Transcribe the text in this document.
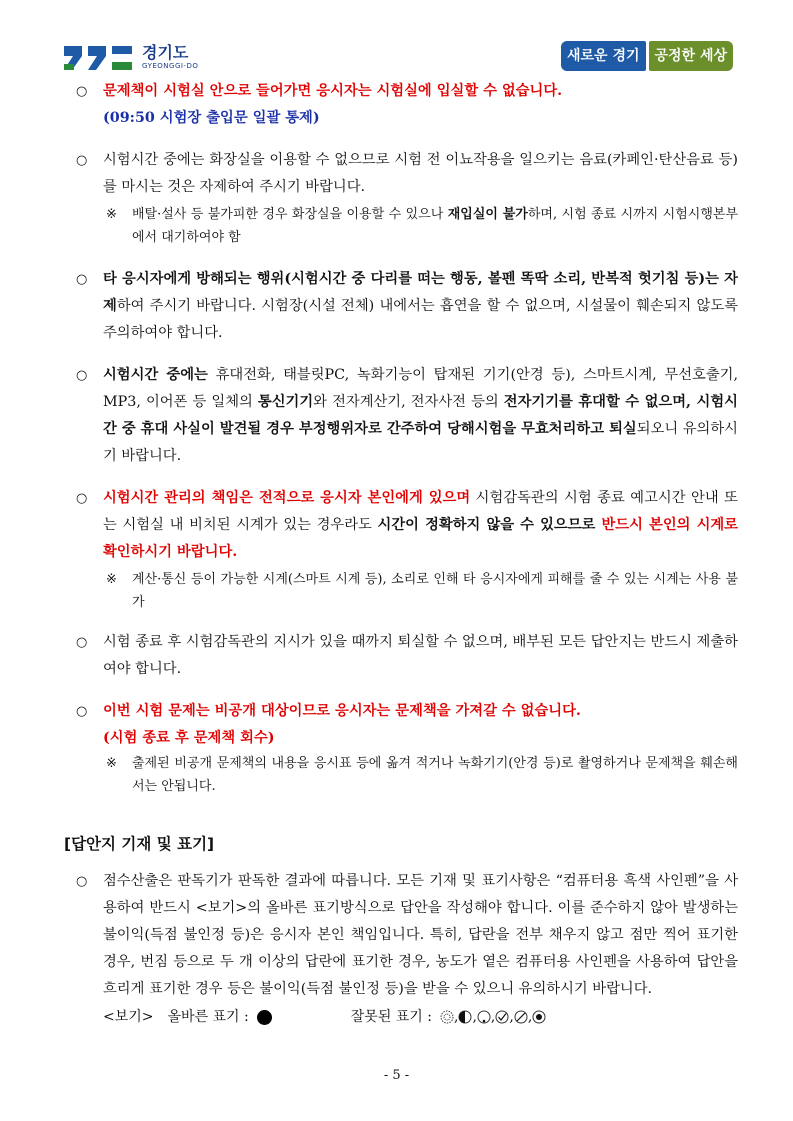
경기도
GYEONGGI-DO
새로운 경기	공정한 세상
○ 문제책이 시험실 안으로 들어가면 응시자는 시험실에 입실할 수 없습니다.
(09:50 시험장 출입문 일괄 통제)
○ 시험시간 중에는 화장실을 이용할 수 없으므로 시험 전 이뇨작용을 일으키는 음료(카페인·탄산음료 등)를 마시는 것은 자제하여 주시기 바랍니다.
※ 배탈·설사 등 불가피한 경우 화장실을 이용할 수 있으나 재입실이 불가하며, 시험 종료 시까지 시험시행본부에서 대기하여야 함
○ 타 응시자에게 방해되는 행위(시험시간 중 다리를 떠는 행동, 볼펜 똑딱 소리, 반복적 헛기침 등)는 자제하여 주시기 바랍니다. 시험장(시설 전체) 내에서는 흡연을 할 수 없으며, 시설물이 훼손되지 않도록 주의하여야 합니다.
○ 시험시간 중에는 휴대전화, 태블릿PC, 녹화기능이 탑재된 기기(안경 등), 스마트시계, 무선호출기, MP3, 이어폰 등 일체의 통신기기와 전자계산기, 전자사전 등의 전자기기를 휴대할 수 없으며, 시험시간 중 휴대 사실이 발견될 경우 부정행위자로 간주하여 당해시험을 무효처리하고 퇴실되오니 유의하시기 바랍니다.
○ 시험시간 관리의 책임은 전적으로 응시자 본인에게 있으며 시험감독관의 시험 종료 예고시간 안내 또는 시험실 내 비치된 시계가 있는 경우라도 시간이 정확하지 않을 수 있으므로 반드시 본인의 시계로 확인하시기 바랍니다.
※ 계산·통신 등이 가능한 시계(스마트 시계 등), 소리로 인해 타 응시자에게 피해를 줄 수 있는 시계는 사용 불가
○ 시험 종료 후 시험감독관의 지시가 있을 때까지 퇴실할 수 없으며, 배부된 모든 답안지는 반드시 제출하여야 합니다.
○ 이번 시험 문제는 비공개 대상이므로 응시자는 문제책을 가져갈 수 없습니다.
(시험 종료 후 문제책 회수)
※ 출제된 비공개 문제책의 내용을 응시표 등에 옮겨 적거나 녹화기기(안경 등)로 촬영하거나 문제책을 훼손해서는 안됩니다.
[답안지 기재 및 표기]
○ 점수산출은 판독기가 판독한 결과에 따릅니다. 모든 기재 및 표기사항은 “컴퓨터용 흑색 사인펜”을 사용하여 반드시 <보기>의 올바른 표기방식으로 답안을 작성해야 합니다. 이를 준수하지 않아 발생하는 불이익(득점 불인정 등)은 응시자 본인 책임입니다. 특히, 답란을 전부 채우지 않고 점만 찍어 표기한 경우, 번짐 등으로 두 개 이상의 답란에 표기한 경우, 농도가 옅은 컴퓨터용 사인펜을 사용하여 답안을 흐리게 표기한 경우 등은 불이익(득점 불인정 등)을 받을 수 있으니 유의하시기 바랍니다.
<보기> 올바른 표기 :	잘못된 표기 : , , , , ,
- 5 -
